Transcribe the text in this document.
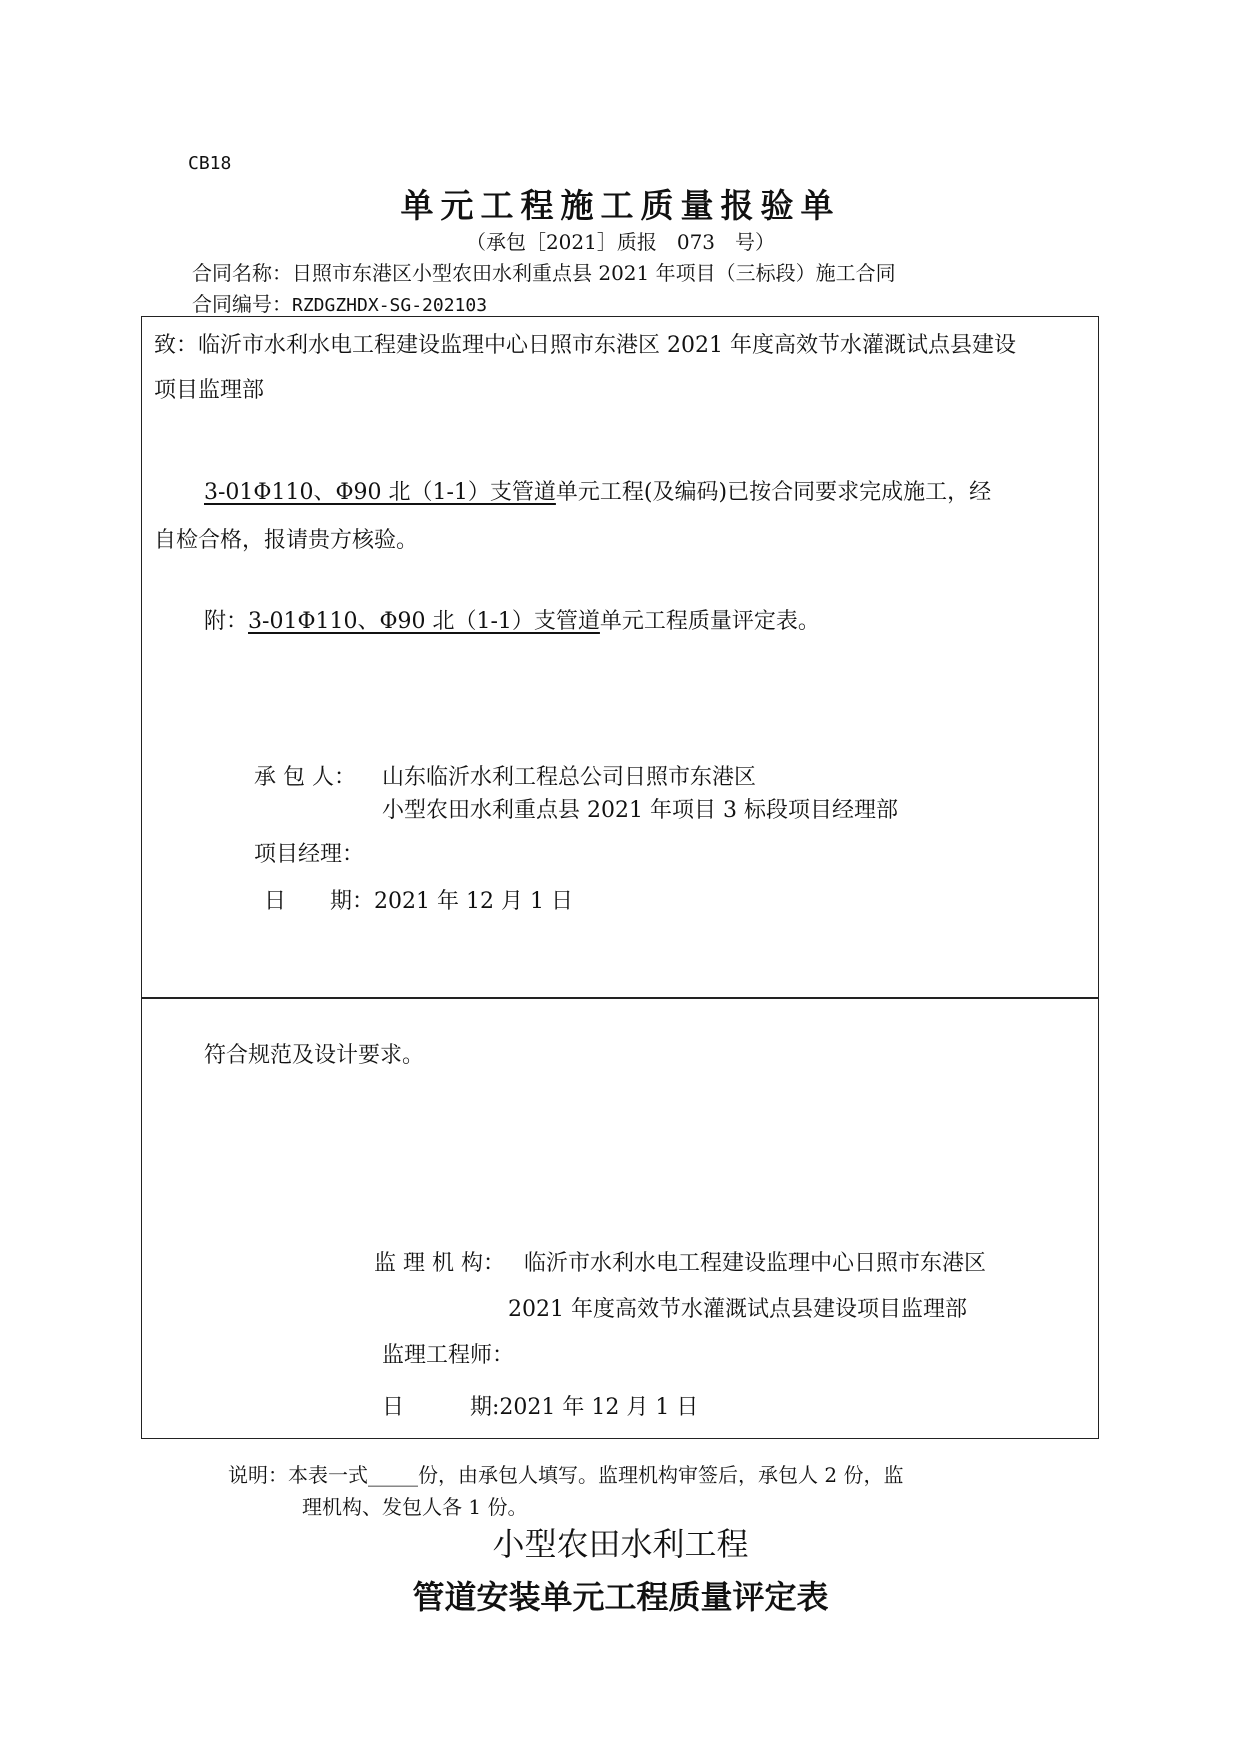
CB18
单元工程施工质量报验单
（承包［2021］质报　073　号）
合同名称：日照市东港区小型农田水利重点县 2021 年项目（三标段）施工合同
合同编号：RZDGZHDX-SG-202103
致：临沂市水利水电工程建设监理中心日照市东港区 2021 年度高效节水灌溉试点县建设
项目监理部
3-01Φ110、Φ90 北（1-1）支管道单元工程(及编码)已按合同要求完成施工，经
自检合格，报请贵方核验。
附：3-01Φ110、Φ90 北（1-1）支管道单元工程质量评定表。
承 包 人： 山东临沂水利工程总公司日照市东港区
小型农田水利重点县 2021 年项目 3 标段项目经理部
项目经理：
日　　期：2021 年 12 月 1 日
符合规范及设计要求。
监 理 机 构： 临沂市水利水电工程建设监理中心日照市东港区
2021 年度高效节水灌溉试点县建设项目监理部
监理工程师：
日　　　期:2021 年 12 月 1 日
说明：本表一式_____份，由承包人填写。监理机构审签后，承包人 2 份，监
理机构、发包人各 1 份。
小型农田水利工程
管道安装单元工程质量评定表
